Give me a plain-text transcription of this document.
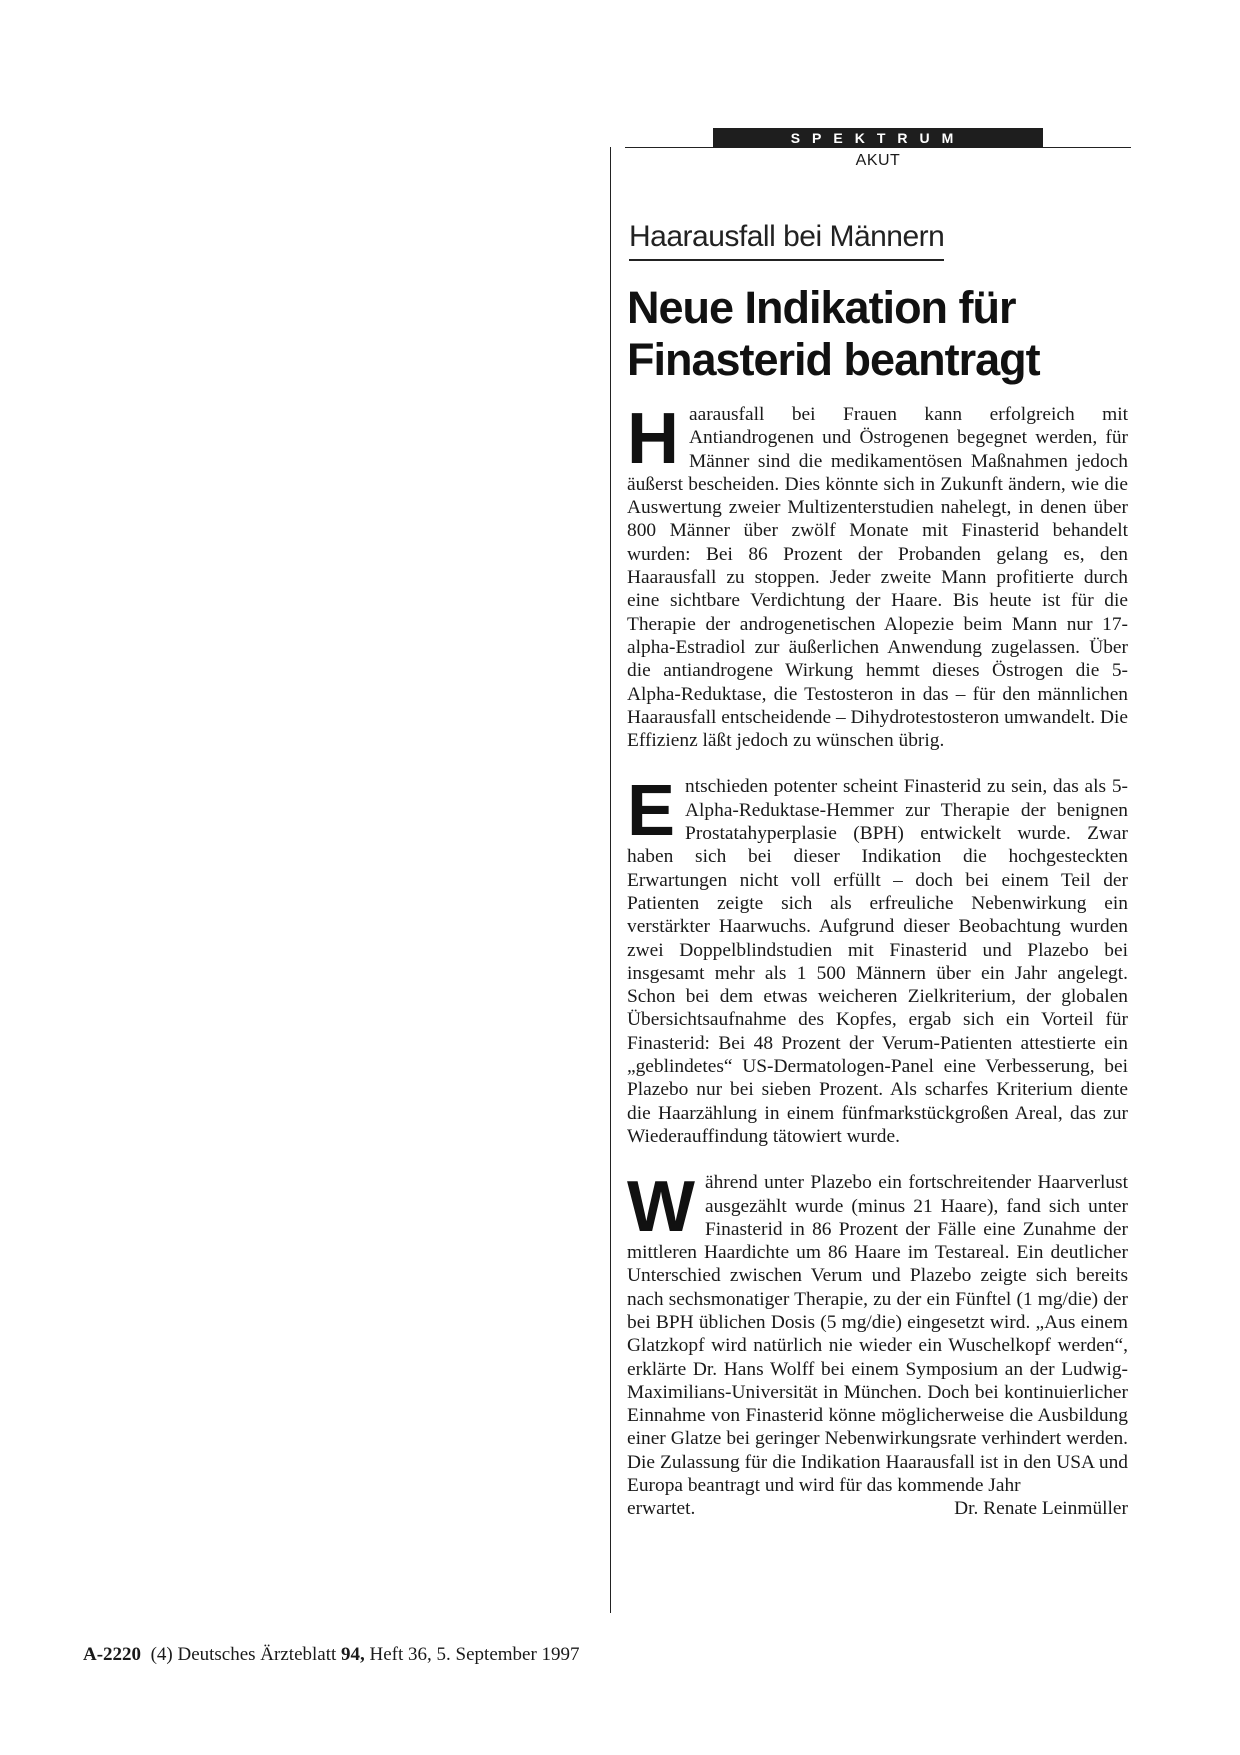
SPEKTRUM
AKUT
Haarausfall bei Männern
Neue Indikation für
Finasterid beantragt

Haarausfall bei Frauen kann erfolgreich mit Antiandrogenen und Östrogenen begegnet werden, für Männer sind die medikamentösen Maßnahmen jedoch äußerst bescheiden. Dies könnte sich in Zukunft ändern, wie die Auswertung zweier Multizenterstudien nahelegt, in denen über 800 Männer über zwölf Monate mit Finasterid behandelt wurden: Bei 86 Prozent der Probanden gelang es, den Haarausfall zu stoppen. Jeder zweite Mann profitierte durch eine sichtbare Verdichtung der Haare. Bis heute ist für die Therapie der androgenetischen Alopezie beim Mann nur 17-alpha-Estradiol zur äußerlichen Anwendung zugelassen. Über die antiandrogene Wirkung hemmt dieses Östrogen die 5-Alpha-Reduktase, die Testosteron in das – für den männlichen Haarausfall entscheidende – Dihydrotestosteron umwandelt. Die Effizienz läßt jedoch zu wünschen übrig.

Entschieden potenter scheint Finasterid zu sein, das als 5-Alpha-Reduktase-Hemmer zur Therapie der benignen Prostatahyperplasie (BPH) entwickelt wurde. Zwar haben sich bei dieser Indikation die hochgesteckten Erwartungen nicht voll erfüllt – doch bei einem Teil der Patienten zeigte sich als erfreuliche Nebenwirkung ein verstärkter Haarwuchs. Aufgrund dieser Beobachtung wurden zwei Doppelblindstudien mit Finasterid und Plazebo bei insgesamt mehr als 1 500 Männern über ein Jahr angelegt. Schon bei dem etwas weicheren Zielkriterium, der globalen Übersichtsaufnahme des Kopfes, ergab sich ein Vorteil für Finasterid: Bei 48 Prozent der Verum-Patienten attestierte ein „geblindetes“ US-Dermatologen-Panel eine Verbesserung, bei Plazebo nur bei sieben Prozent. Als scharfes Kriterium diente die Haarzählung in einem fünfmarkstückgroßen Areal, das zur Wiederauffindung tätowiert wurde.

Während unter Plazebo ein fortschreitender Haarverlust ausgezählt wurde (minus 21 Haare), fand sich unter Finasterid in 86 Prozent der Fälle eine Zunahme der mittleren Haardichte um 86 Haare im Testareal. Ein deutlicher Unterschied zwischen Verum und Plazebo zeigte sich bereits nach sechsmonatiger Therapie, zu der ein Fünftel (1 mg/die) der bei BPH üblichen Dosis (5 mg/die) eingesetzt wird. „Aus einem Glatzkopf wird natürlich nie wieder ein Wuschelkopf werden“, erklärte Dr. Hans Wolff bei einem Symposium an der Ludwig-Maximilians-Universität in München. Doch bei kontinuierlicher Einnahme von Finasterid könne möglicherweise die Ausbildung einer Glatze bei geringer Nebenwirkungsrate verhindert werden. Die Zulassung für die Indikation Haarausfall ist in den USA und Europa beantragt und wird für das kommende Jahr

erwartet.	Dr. Renate Leinmüller
A-2220 (4) Deutsches Ärzteblatt 94, Heft 36, 5. September 1997
